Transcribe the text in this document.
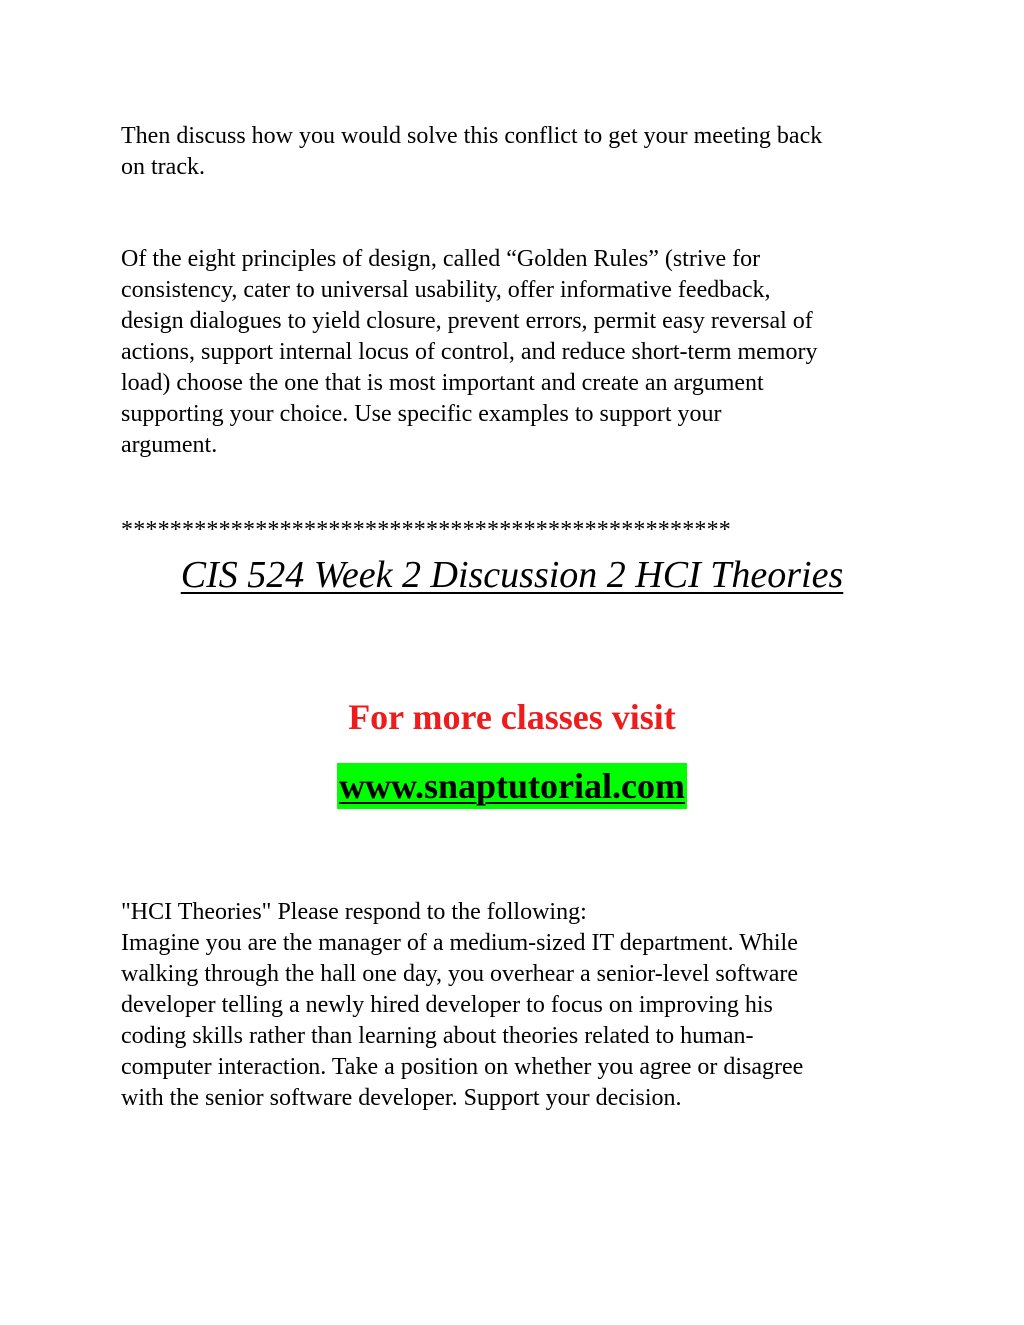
Then discuss how you would solve this conflict to get your meeting back
on track.

Of the eight principles of design, called “Golden Rules” (strive for
consistency, cater to universal usability, offer informative feedback,
design dialogues to yield closure, prevent errors, permit easy reversal of
actions, support internal locus of control, and reduce short-term memory
load) choose the one that is most important and create an argument
supporting your choice. Use specific examples to support your
argument.

**************************************************

CIS 524 Week 2 Discussion 2 HCI Theories

For more classes visit

www.snaptutorial.com

"HCI Theories" Please respond to the following:
Imagine you are the manager of a medium-sized IT department. While
walking through the hall one day, you overhear a senior-level software
developer telling a newly hired developer to focus on improving his
coding skills rather than learning about theories related to human-
computer interaction. Take a position on whether you agree or disagree
with the senior software developer. Support your decision.
